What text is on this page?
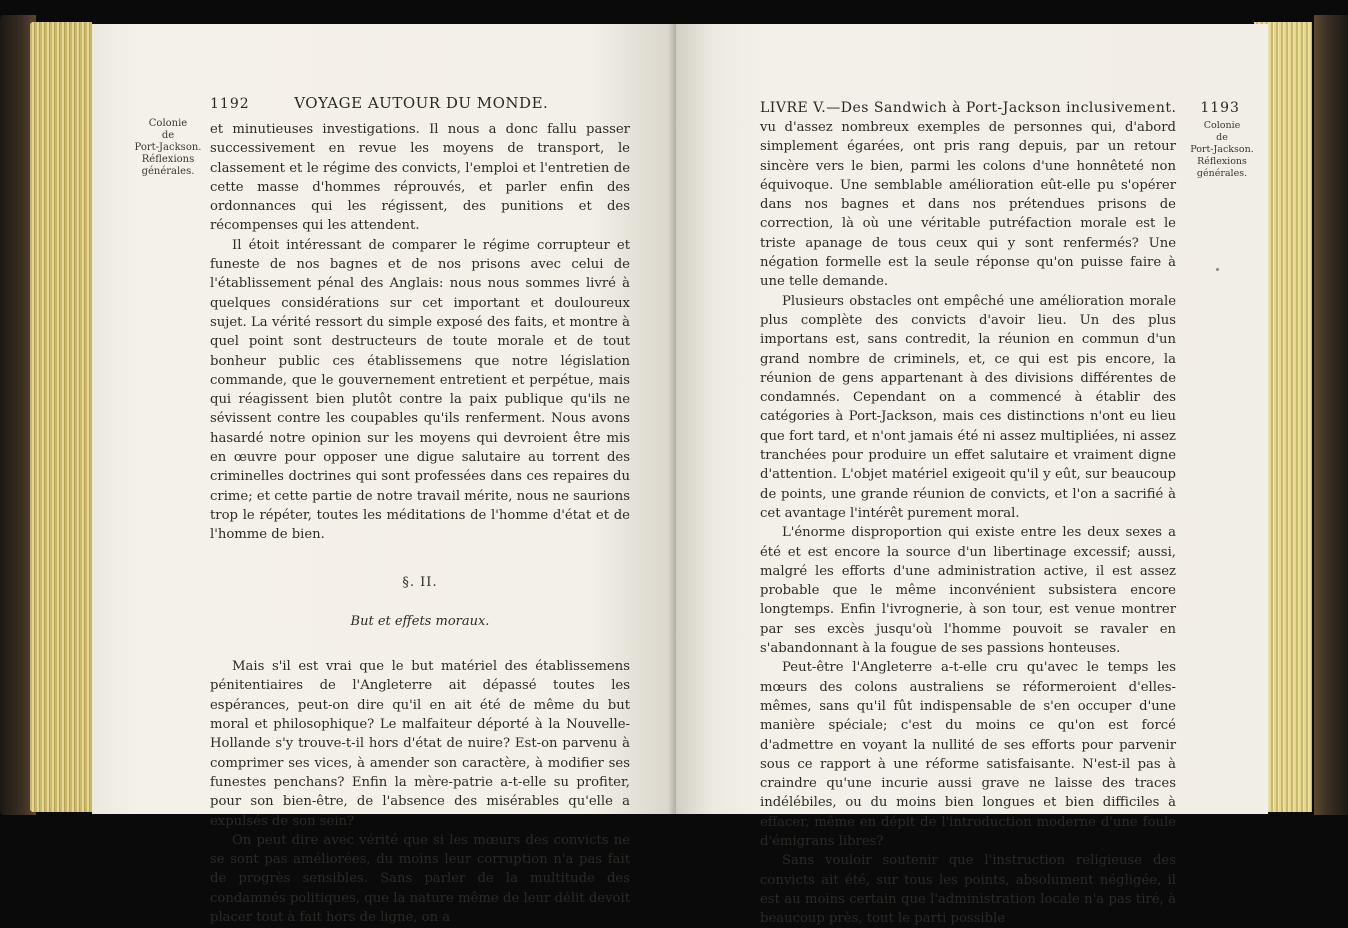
1192	VOYAGE AUTOUR DU MONDE.
Colonie
de
Port-Jackson.
Réflexions
générales.

et minutieuses investigations. Il nous a donc fallu passer successivement en revue les moyens de transport, le classement et le régime des convicts, l'emploi et l'entretien de cette masse d'hommes réprouvés, et parler enfin des ordonnances qui les régissent, des punitions et des récompenses qui les attendent.

Il étoit intéressant de comparer le régime corrupteur et funeste de nos bagnes et de nos prisons avec celui de l'établissement pénal des Anglais: nous nous sommes livré à quelques considérations sur cet important et douloureux sujet. La vérité ressort du simple exposé des faits, et montre à quel point sont destructeurs de toute morale et de tout bonheur public ces établissemens que notre législation commande, que le gouvernement entretient et perpétue, mais qui réagissent bien plutôt contre la paix publique qu'ils ne sévissent contre les coupables qu'ils renferment. Nous avons hasardé notre opinion sur les moyens qui devroient être mis en œuvre pour opposer une digue salutaire au torrent des criminelles doctrines qui sont professées dans ces repaires du crime; et cette partie de notre travail mérite, nous ne saurions trop le répéter, toutes les méditations de l'homme d'état et de l'homme de bien.

§. II.
But et effets moraux.

Mais s'il est vrai que le but matériel des établissemens pénitentiaires de l'Angleterre ait dépassé toutes les espérances, peut-on dire qu'il en ait été de même du but moral et philosophique? Le malfaiteur déporté à la Nouvelle-Hollande s'y trouve-t-il hors d'état de nuire? Est-on parvenu à comprimer ses vices, à amender son caractère, à modifier ses funestes penchans? Enfin la mère-patrie a-t-elle su profiter, pour son bien-être, de l'absence des misérables qu'elle a expulsés de son sein?

On peut dire avec vérité que si les mœurs des convicts ne se sont pas améliorées, du moins leur corruption n'a pas fait de progrès sensibles. Sans parler de la multitude des condamnés politiques, que la nature même de leur délit devoit placer tout à fait hors de ligne, on a

LIVRE V.—Des Sandwich à Port-Jackson inclusivement. 1193

vu d'assez nombreux exemples de personnes qui, d'abord simplement égarées, ont pris rang depuis, par un retour sincère vers le bien, parmi les colons d'une honnêteté non équivoque. Une semblable amélioration eût-elle pu s'opérer dans nos bagnes et dans nos prétendues prisons de correction, là où une véritable putréfaction morale est le triste apanage de tous ceux qui y sont renfermés? Une négation formelle est la seule réponse qu'on puisse faire à une telle demande.

Plusieurs obstacles ont empêché une amélioration morale plus complète des convicts d'avoir lieu. Un des plus importans est, sans contredit, la réunion en commun d'un grand nombre de criminels, et, ce qui est pis encore, la réunion de gens appartenant à des divisions différentes de condamnés. Cependant on a commencé à établir des catégories à Port-Jackson, mais ces distinctions n'ont eu lieu que fort tard, et n'ont jamais été ni assez multipliées, ni assez tranchées pour produire un effet salutaire et vraiment digne d'attention. L'objet matériel exigeoit qu'il y eût, sur beaucoup de points, une grande réunion de convicts, et l'on a sacrifié à cet avantage l'intérêt purement moral.

L'énorme disproportion qui existe entre les deux sexes a été et est encore la source d'un libertinage excessif; aussi, malgré les efforts d'une administration active, il est assez probable que le même inconvénient subsistera encore longtemps. Enfin l'ivrognerie, à son tour, est venue montrer par ses excès jusqu'où l'homme pouvoit se ravaler en s'abandonnant à la fougue de ses passions honteuses.

Peut-être l'Angleterre a-t-elle cru qu'avec le temps les mœurs des colons australiens se réformeroient d'elles-mêmes, sans qu'il fût indispensable de s'en occuper d'une manière spéciale; c'est du moins ce qu'on est forcé d'admettre en voyant la nullité de ses efforts pour parvenir sous ce rapport à une réforme satisfaisante. N'est-il pas à craindre qu'une incurie aussi grave ne laisse des traces indélébiles, ou du moins bien longues et bien difficiles à effacer, même en dépit de l'introduction moderne d'une foule d'émigrans libres?

Sans vouloir soutenir que l'instruction religieuse des convicts ait été, sur tous les points, absolument négligée, il est au moins certain que l'administration locale n'a pas tiré, à beaucoup près, tout le parti possible

Colonie
de
Port-Jackson.
Réflexions
générales.
